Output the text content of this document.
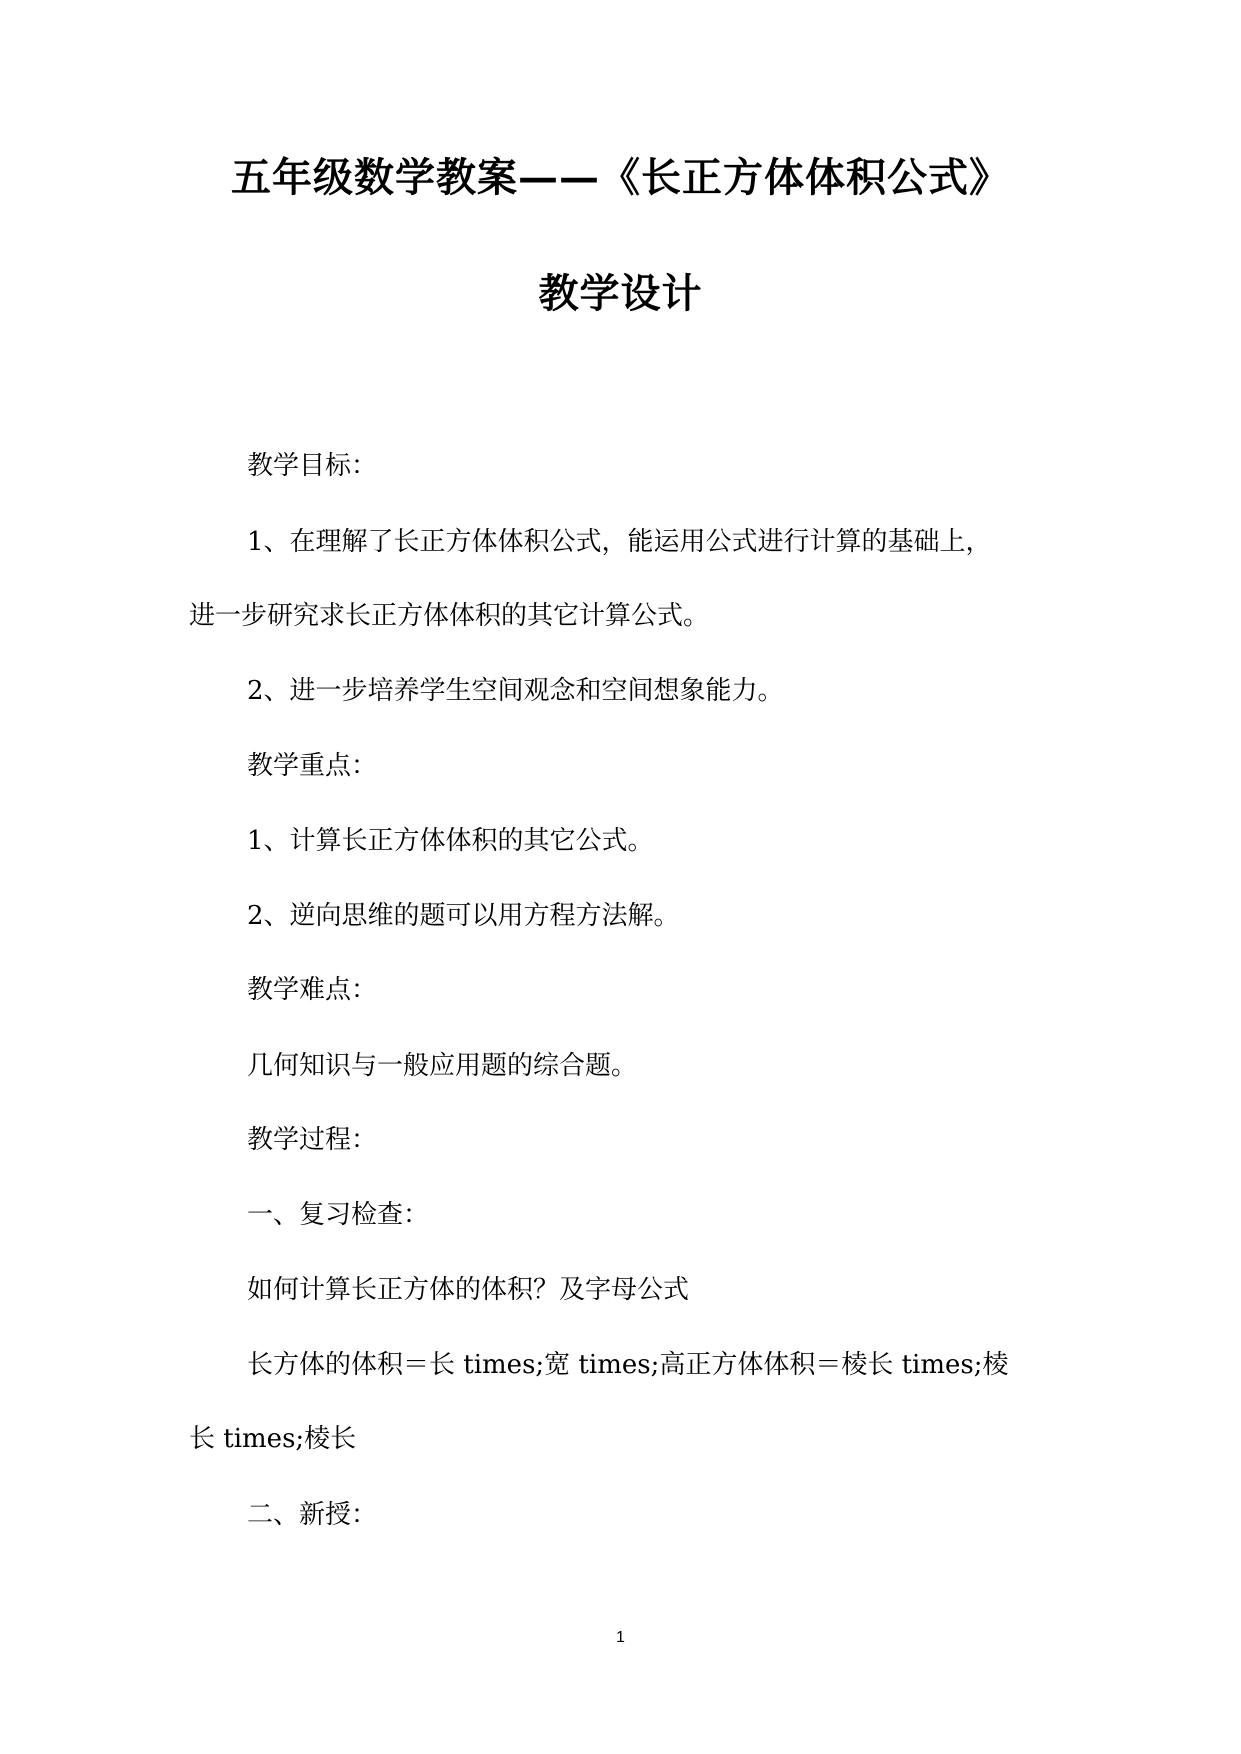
五年级数学教案——《长正方体体积公式》
教学设计
教学目标：
1、在理解了长正方体体积公式，能运用公式进行计算的基础上，
进一步研究求长正方体体积的其它计算公式。
2、进一步培养学生空间观念和空间想象能力。
教学重点：
1、计算长正方体体积的其它公式。
2、逆向思维的题可以用方程方法解。
教学难点：
几何知识与一般应用题的综合题。
教学过程：
一、复习检查：
如何计算长正方体的体积？及字母公式
长方体的体积＝长 times;宽 times;高正方体体积＝棱长 times;棱
长 times;棱长
二、新授：
1
